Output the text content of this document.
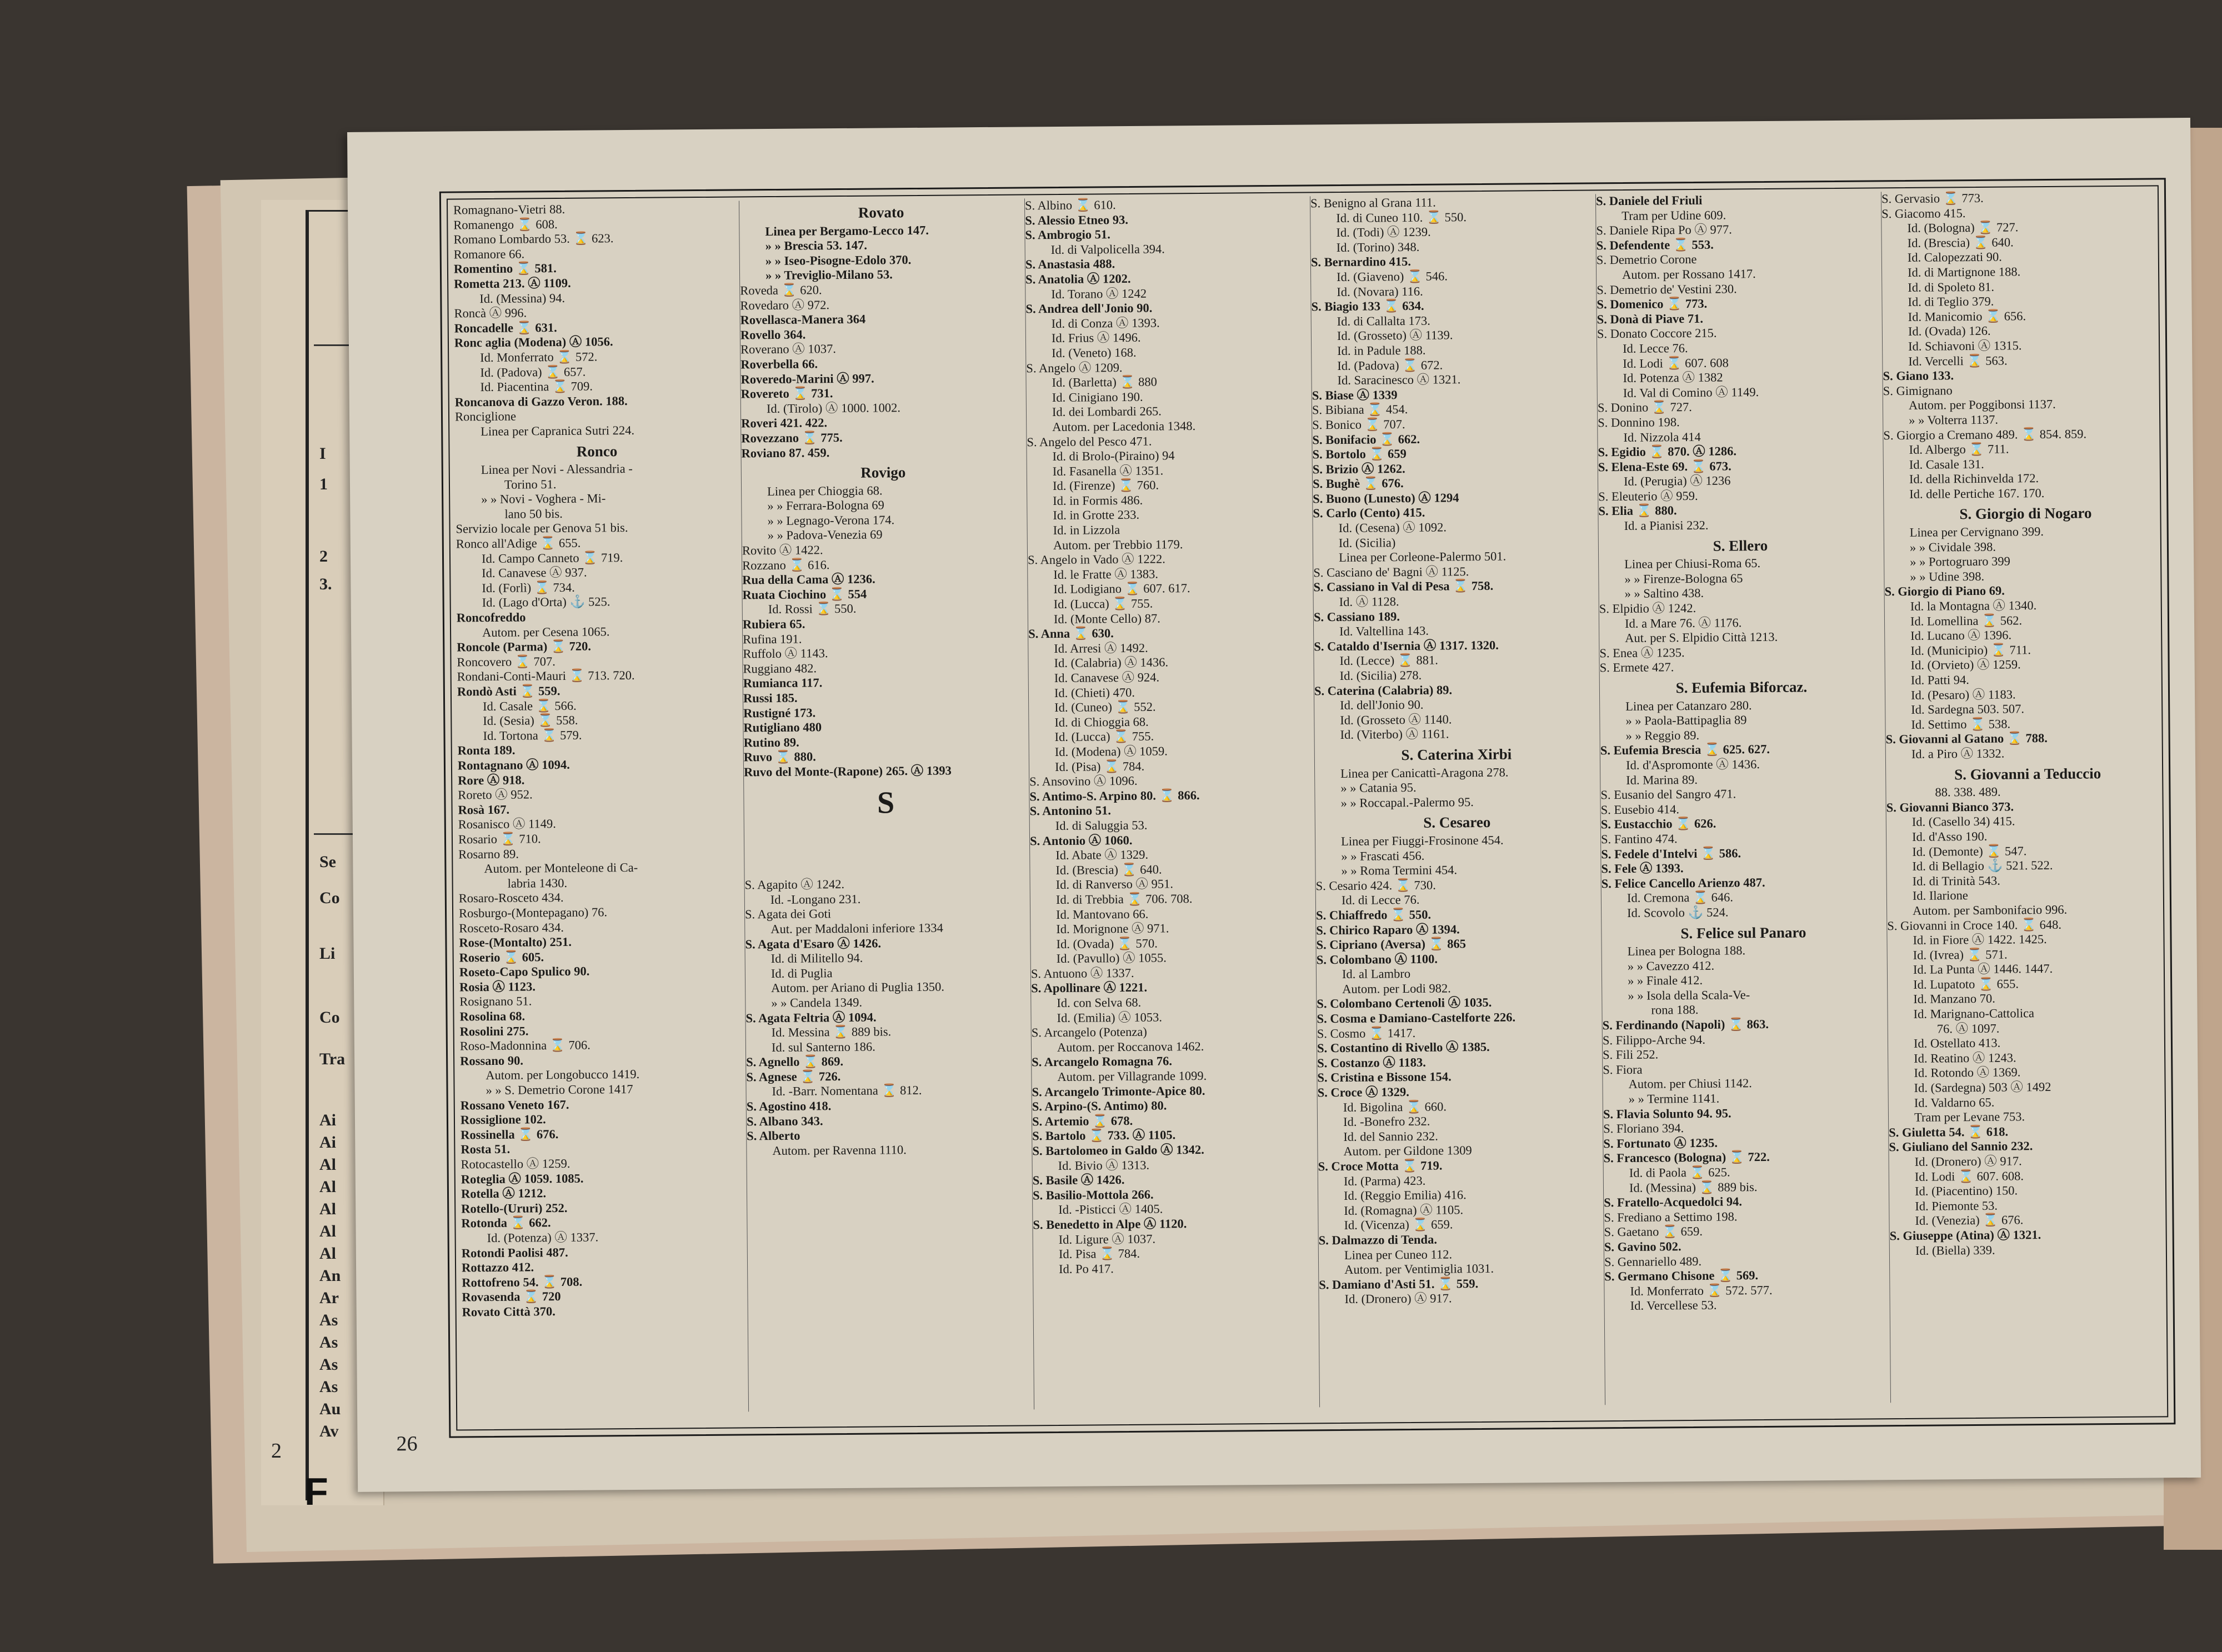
I
1
2
3.
Se
Co
Li
Co
Tra
Ai
Ai
Al
Al
Al
Al
Al
An
Ar
As
As
As
As
Au
Av
2
F
Romagnano-Vietri 88.
Romanengo ⌛ 608.
Romano Lombardo 53. ⌛ 623.
Romanore 66.
Romentino ⌛ 581.
Rometta 213. Ⓐ 1109.
Id. (Messina) 94.
Roncà Ⓐ 996.
Roncadelle ⌛ 631.
Ronc aglia (Modena) Ⓐ 1056.
Id. Monferrato ⌛ 572.
Id. (Padova) ⌛ 657.
Id. Piacentina ⌛ 709.
Roncanova di Gazzo Veron. 188.
Ronciglione
Linea per Capranica Sutri 224.
Ronco
Linea per Novi - Alessandria -
Torino 51.
» » Novi - Voghera - Mi-
lano 50 bis.
Servizio locale per Genova 51 bis.
Ronco all'Adige ⌛ 655.
Id. Campo Canneto ⌛ 719.
Id. Canavese Ⓐ 937.
Id. (Forlì) ⌛ 734.
Id. (Lago d'Orta) ⚓ 525.
Roncofreddo
Autom. per Cesena 1065.
Roncole (Parma) ⌛ 720.
Roncovero ⌛ 707.
Rondani-Conti-Mauri ⌛ 713. 720.
Rondò Asti ⌛ 559.
Id. Casale ⌛ 566.
Id. (Sesia) ⌛ 558.
Id. Tortona ⌛ 579.
Ronta 189.
Rontagnano Ⓐ 1094.
Rore Ⓐ 918.
Roreto Ⓐ 952.
Rosà 167.
Rosanisco Ⓐ 1149.
Rosario ⌛ 710.
Rosarno 89.
Autom. per Monteleone di Ca-
labria 1430.
Rosaro-Rosceto 434.
Rosburgo-(Montepagano) 76.
Rosceto-Rosaro 434.
Rose-(Montalto) 251.
Roserio ⌛ 605.
Roseto-Capo Spulico 90.
Rosia Ⓐ 1123.
Rosignano 51.
Rosolina 68.
Rosolini 275.
Roso-Madonnina ⌛ 706.
Rossano 90.
Autom. per Longobucco 1419.
» » S. Demetrio Corone 1417
Rossano Veneto 167.
Rossiglione 102.
Rossinella ⌛ 676.
Rosta 51.
Rotocastello Ⓐ 1259.
Roteglia Ⓐ 1059. 1085.
Rotella Ⓐ 1212.
Rotello-(Ururi) 252.
Rotonda ⌛ 662.
Id. (Potenza) Ⓐ 1337.
Rotondi Paolisi 487.
Rottazzo 412.
Rottofreno 54. ⌛ 708.
Rovasenda ⌛ 720
Rovato Città 370.
Rovato
Linea per Bergamo-Lecco 147.
» » Brescia 53. 147.
» » Iseo-Pisogne-Edolo 370.
» » Treviglio-Milano 53.
Roveda ⌛ 620.
Rovedaro Ⓐ 972.
Rovellasca-Manera 364
Rovello 364.
Roverano Ⓐ 1037.
Roverbella 66.
Roveredo-Marini Ⓐ 997.
Rovereto ⌛ 731.
Id. (Tirolo) Ⓐ 1000. 1002.
Roveri 421. 422.
Rovezzano ⌛ 775.
Roviano 87. 459.
Rovigo
Linea per Chioggia 68.
» » Ferrara-Bologna 69
» » Legnago-Verona 174.
» » Padova-Venezia 69
Rovito Ⓐ 1422.
Rozzano ⌛ 616.
Rua della Cama Ⓐ 1236.
Ruata Ciochino ⌛ 554
Id. Rossi ⌛ 550.
Rubiera 65.
Rufina 191.
Ruffolo Ⓐ 1143.
Ruggiano 482.
Rumianca 117.
Russi 185.
Rustigné 173.
Rutigliano 480
Rutino 89.
Ruvo ⌛ 880.
Ruvo del Monte-(Rapone) 265. Ⓐ 1393
S
S. Agapito Ⓐ 1242.
Id. -Longano 231.
S. Agata dei Goti
Aut. per Maddaloni inferiore 1334
S. Agata d'Esaro Ⓐ 1426.
Id. di Militello 94.
Id. di Puglia
Autom. per Ariano di Puglia 1350.
» » Candela 1349.
S. Agata Feltria Ⓐ 1094.
Id. Messina ⌛ 889 bis.
Id. sul Santerno 186.
S. Agnello ⌛ 869.
S. Agnese ⌛ 726.
Id. -Barr. Nomentana ⌛ 812.
S. Agostino 418.
S. Albano 343.
S. Alberto
Autom. per Ravenna 1110.
S. Albino ⌛ 610.
S. Alessio Etneo 93.
S. Ambrogio 51.
Id. di Valpolicella 394.
S. Anastasia 488.
S. Anatolia Ⓐ 1202.
Id. Torano Ⓐ 1242
S. Andrea dell'Jonio 90.
Id. di Conza Ⓐ 1393.
Id. Frius Ⓐ 1496.
Id. (Veneto) 168.
S. Angelo Ⓐ 1209.
Id. (Barletta) ⌛ 880
Id. Cinigiano 190.
Id. dei Lombardi 265.
Autom. per Lacedonia 1348.
S. Angelo del Pesco 471.
Id. di Brolo-(Piraino) 94
Id. Fasanella Ⓐ 1351.
Id. (Firenze) ⌛ 760.
Id. in Formis 486.
Id. in Grotte 233.
Id. in Lizzola
Autom. per Trebbio 1179.
S. Angelo in Vado Ⓐ 1222.
Id. le Fratte Ⓐ 1383.
Id. Lodigiano ⌛ 607. 617.
Id. (Lucca) ⌛ 755.
Id. (Monte Cello) 87.
S. Anna ⌛ 630.
Id. Arresi Ⓐ 1492.
Id. (Calabria) Ⓐ 1436.
Id. Canavese Ⓐ 924.
Id. (Chieti) 470.
Id. (Cuneo) ⌛ 552.
Id. di Chioggia 68.
Id. (Lucca) ⌛ 755.
Id. (Modena) Ⓐ 1059.
Id. (Pisa) ⌛ 784.
S. Ansovino Ⓐ 1096.
S. Antimo-S. Arpino 80. ⌛ 866.
S. Antonino 51.
Id. di Saluggia 53.
S. Antonio Ⓐ 1060.
Id. Abate Ⓐ 1329.
Id. (Brescia) ⌛ 640.
Id. di Ranverso Ⓐ 951.
Id. di Trebbia ⌛ 706. 708.
Id. Mantovano 66.
Id. Morignone Ⓐ 971.
Id. (Ovada) ⌛ 570.
Id. (Pavullo) Ⓐ 1055.
S. Antuono Ⓐ 1337.
S. Apollinare Ⓐ 1221.
Id. con Selva 68.
Id. (Emilia) Ⓐ 1053.
S. Arcangelo (Potenza)
Autom. per Roccanova 1462.
S. Arcangelo Romagna 76.
Autom. per Villagrande 1099.
S. Arcangelo Trimonte-Apice 80.
S. Arpino-(S. Antimo) 80.
S. Artemio ⌛ 678.
S. Bartolo ⌛ 733. Ⓐ 1105.
S. Bartolomeo in Galdo Ⓐ 1342.
Id. Bivio Ⓐ 1313.
S. Basile Ⓐ 1426.
S. Basilio-Mottola 266.
Id. -Pisticci Ⓐ 1405.
S. Benedetto in Alpe Ⓐ 1120.
Id. Ligure Ⓐ 1037.
Id. Pisa ⌛ 784.
Id. Po 417.
S. Benigno al Grana 111.
Id. di Cuneo 110. ⌛ 550.
Id. (Todi) Ⓐ 1239.
Id. (Torino) 348.
S. Bernardino 415.
Id. (Giaveno) ⌛ 546.
Id. (Novara) 116.
S. Biagio 133 ⌛ 634.
Id. di Callalta 173.
Id. (Grosseto) Ⓐ 1139.
Id. in Padule 188.
Id. (Padova) ⌛ 672.
Id. Saracinesco Ⓐ 1321.
S. Biase Ⓐ 1339
S. Bibiana ⌛ 454.
S. Bonico ⌛ 707.
S. Bonifacio ⌛ 662.
S. Bortolo ⌛ 659
S. Brizio Ⓐ 1262.
S. Bughè ⌛ 676.
S. Buono (Lunesto) Ⓐ 1294
S. Carlo (Cento) 415.
Id. (Cesena) Ⓐ 1092.
Id. (Sicilia)
Linea per Corleone-Palermo 501.
S. Casciano de' Bagni Ⓐ 1125.
S. Cassiano in Val di Pesa ⌛ 758.
Id. Ⓐ 1128.
S. Cassiano 189.
Id. Valtellina 143.
S. Cataldo d'Isernia Ⓐ 1317. 1320.
Id. (Lecce) ⌛ 881.
Id. (Sicilia) 278.
S. Caterina (Calabria) 89.
Id. dell'Jonio 90.
Id. (Grosseto Ⓐ 1140.
Id. (Viterbo) Ⓐ 1161.
S. Caterina Xirbi
Linea per Canicattì-Aragona 278.
» » Catania 95.
» » Roccapal.-Palermo 95.
S. Cesareo
Linea per Fiuggi-Frosinone 454.
» » Frascati 456.
» » Roma Termini 454.
S. Cesario 424. ⌛ 730.
Id. di Lecce 76.
S. Chiaffredo ⌛ 550.
S. Chirico Raparo Ⓐ 1394.
S. Cipriano (Aversa) ⌛ 865
S. Colombano Ⓐ 1100.
Id. al Lambro
Autom. per Lodi 982.
S. Colombano Certenoli Ⓐ 1035.
S. Cosma e Damiano-Castelforte 226.
S. Cosmo ⌛ 1417.
S. Costantino di Rivello Ⓐ 1385.
S. Costanzo Ⓐ 1183.
S. Cristina e Bissone 154.
S. Croce Ⓐ 1329.
Id. Bigolina ⌛ 660.
Id. -Bonefro 232.
Id. del Sannio 232.
Autom. per Gildone 1309
S. Croce Motta ⌛ 719.
Id. (Parma) 423.
Id. (Reggio Emilia) 416.
Id. (Romagna) Ⓐ 1105.
Id. (Vicenza) ⌛ 659.
S. Dalmazzo di Tenda.
Linea per Cuneo 112.
Autom. per Ventimiglia 1031.
S. Damiano d'Asti 51. ⌛ 559.
Id. (Dronero) Ⓐ 917.
S. Daniele del Friuli
Tram per Udine 609.
S. Daniele Ripa Po Ⓐ 977.
S. Defendente ⌛ 553.
S. Demetrio Corone
Autom. per Rossano 1417.
S. Demetrio de' Vestini 230.
S. Domenico ⌛ 773.
S. Donà di Piave 71.
S. Donato Coccore 215.
Id. Lecce 76.
Id. Lodi ⌛ 607. 608
Id. Potenza Ⓐ 1382
Id. Val di Comino Ⓐ 1149.
S. Donino ⌛ 727.
S. Donnino 198.
Id. Nizzola 414
S. Egidio ⌛ 870. Ⓐ 1286.
S. Elena-Este 69. ⌛ 673.
Id. (Perugia) Ⓐ 1236
S. Eleuterio Ⓐ 959.
S. Elia ⌛ 880.
Id. a Pianisi 232.
S. Ellero
Linea per Chiusi-Roma 65.
» » Firenze-Bologna 65
» » Saltino 438.
S. Elpidio Ⓐ 1242.
Id. a Mare 76. Ⓐ 1176.
Aut. per S. Elpidio Città 1213.
S. Enea Ⓐ 1235.
S. Ermete 427.
S. Eufemia Biforcaz.
Linea per Catanzaro 280.
» » Paola-Battipaglia 89
» » Reggio 89.
S. Eufemia Brescia ⌛ 625. 627.
Id. d'Aspromonte Ⓐ 1436.
Id. Marina 89.
S. Eusanio del Sangro 471.
S. Eusebio 414.
S. Eustacchio ⌛ 626.
S. Fantino 474.
S. Fedele d'Intelvi ⌛ 586.
S. Fele Ⓐ 1393.
S. Felice Cancello Arienzo 487.
Id. Cremona ⌛ 646.
Id. Scovolo ⚓ 524.
S. Felice sul Panaro
Linea per Bologna 188.
» » Cavezzo 412.
» » Finale 412.
» » Isola della Scala-Ve-
rona 188.
S. Ferdinando (Napoli) ⌛ 863.
S. Filippo-Arche 94.
S. Fili 252.
S. Fiora
Autom. per Chiusi 1142.
» » Termine 1141.
S. Flavia Solunto 94. 95.
S. Floriano 394.
S. Fortunato Ⓐ 1235.
S. Francesco (Bologna) ⌛ 722.
Id. di Paola ⌛ 625.
Id. (Messina) ⌛ 889 bis.
S. Fratello-Acquedolci 94.
S. Frediano a Settimo 198.
S. Gaetano ⌛ 659.
S. Gavino 502.
S. Gennariello 489.
S. Germano Chisone ⌛ 569.
Id. Monferrato ⌛ 572. 577.
Id. Vercellese 53.
S. Gervasio ⌛ 773.
S. Giacomo 415.
Id. (Bologna) ⌛ 727.
Id. (Brescia) ⌛ 640.
Id. Calopezzati 90.
Id. di Martignone 188.
Id. di Spoleto 81.
Id. di Teglio 379.
Id. Manicomio ⌛ 656.
Id. (Ovada) 126.
Id. Schiavoni Ⓐ 1315.
Id. Vercelli ⌛ 563.
S. Giano 133.
S. Gimignano
Autom. per Poggibonsi 1137.
» » Volterra 1137.
S. Giorgio a Cremano 489. ⌛ 854. 859.
Id. Albergo ⌛ 711.
Id. Casale 131.
Id. della Richinvelda 172.
Id. delle Pertiche 167. 170.
S. Giorgio di Nogaro
Linea per Cervignano 399.
» » Cividale 398.
» » Portogruaro 399
» » Udine 398.
S. Giorgio di Piano 69.
Id. la Montagna Ⓐ 1340.
Id. Lomellina ⌛ 562.
Id. Lucano Ⓐ 1396.
Id. (Municipio) ⌛ 711.
Id. (Orvieto) Ⓐ 1259.
Id. Patti 94.
Id. (Pesaro) Ⓐ 1183.
Id. Sardegna 503. 507.
Id. Settimo ⌛ 538.
S. Giovanni al Gatano ⌛ 788.
Id. a Piro Ⓐ 1332.
S. Giovanni a Teduccio
88. 338. 489.
S. Giovanni Bianco 373.
Id. (Casello 34) 415.
Id. d'Asso 190.
Id. (Demonte) ⌛ 547.
Id. di Bellagio ⚓ 521. 522.
Id. di Trinità 543.
Id. Ilarione
Autom. per Sambonifacio 996.
S. Giovanni in Croce 140. ⌛ 648.
Id. in Fiore Ⓐ 1422. 1425.
Id. (Ivrea) ⌛ 571.
Id. La Punta Ⓐ 1446. 1447.
Id. Lupatoto ⌛ 655.
Id. Manzano 70.
Id. Marignano-Cattolica
76. Ⓐ 1097.
Id. Ostellato 413.
Id. Reatino Ⓐ 1243.
Id. Rotondo Ⓐ 1369.
Id. (Sardegna) 503 Ⓐ 1492
Id. Valdarno 65.
Tram per Levane 753.
S. Giuletta 54. ⌛ 618.
S. Giuliano del Sannio 232.
Id. (Dronero) Ⓐ 917.
Id. Lodi ⌛ 607. 608.
Id. (Piacentino) 150.
Id. Piemonte 53.
Id. (Venezia) ⌛ 676.
S. Giuseppe (Atina) Ⓐ 1321.
Id. (Biella) 339.
26
